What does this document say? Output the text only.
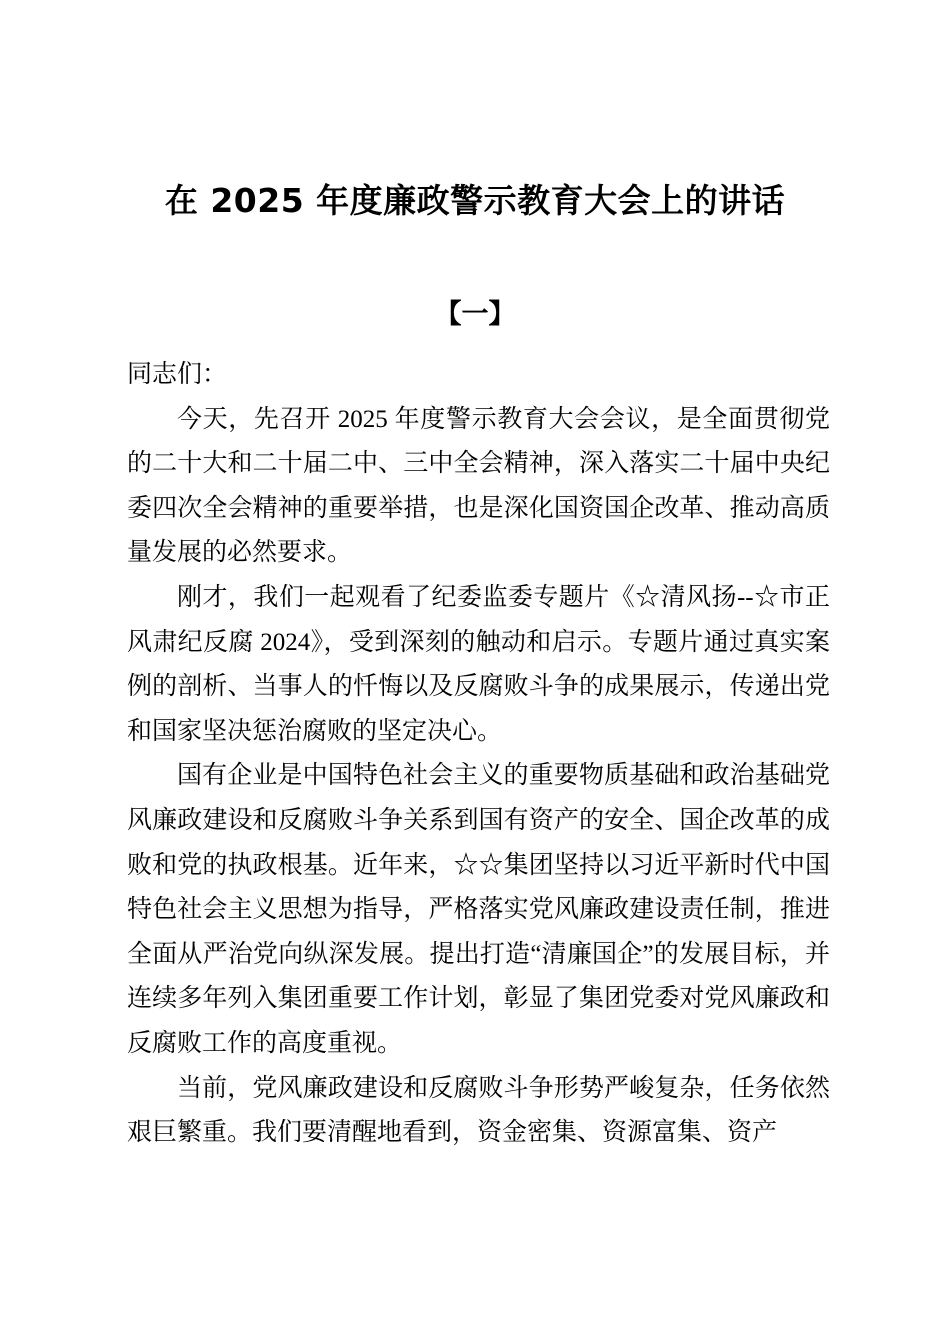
在 2025 年度廉政警示教育大会上的讲话
【一】

同志们：

今天，先召开 2025 年度警示教育大会会议，是全面贯彻党的二十大和二十届二中、三中全会精神，深入落实二十届中央纪委四次全会精神的重要举措，也是深化国资国企改革、推动高质量发展的必然要求。

刚才，我们一起观看了纪委监委专题片《☆清风扬--☆市正风肃纪反腐 2024》，受到深刻的触动和启示。专题片通过真实案例的剖析、当事人的忏悔以及反腐败斗争的成果展示，传递出党和国家坚决惩治腐败的坚定决心。

国有企业是中国特色社会主义的重要物质基础和政治基础党风廉政建设和反腐败斗争关系到国有资产的安全、国企改革的成败和党的执政根基。近年来，☆☆集团坚持以习近平新时代中国特色社会主义思想为指导，严格落实党风廉政建设责任制，推进全面从严治党向纵深发展。提出打造“清廉国企”的发展目标，并连续多年列入集团重要工作计划，彰显了集团党委对党风廉政和反腐败工作的高度重视。

当前，党风廉政建设和反腐败斗争形势严峻复杂，任务依然艰巨繁重。我们要清醒地看到，资金密集、资源富集、资产
